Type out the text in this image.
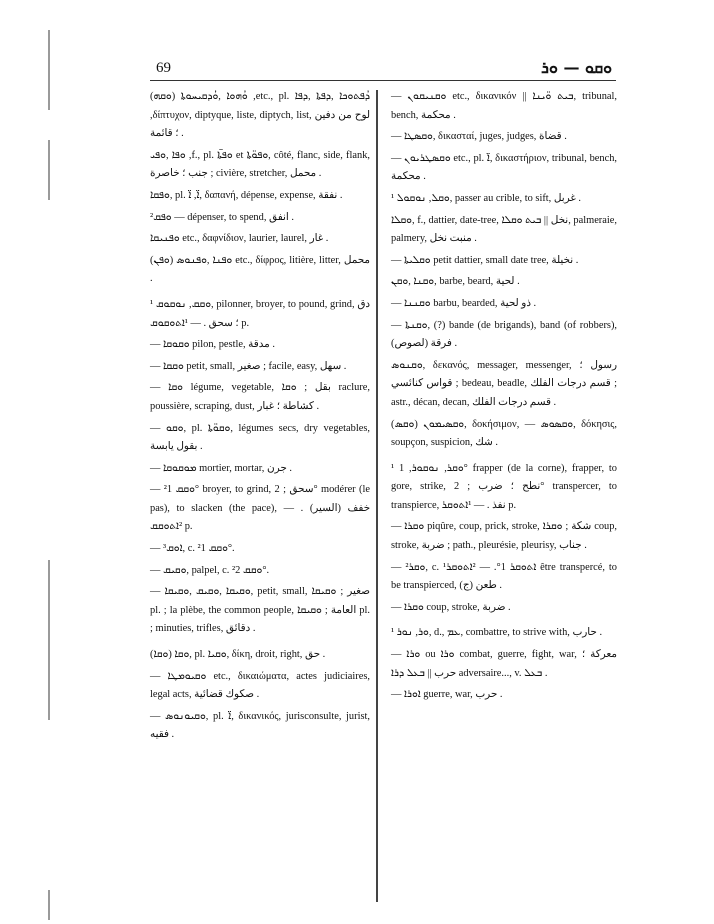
69	ܘܩܘ — ܘܪ

(ܘܩܗ) ܘܳܗܘܐ ,ܘܳܕܩܝܚܘܬܐ ,etc., pl. ܕܳܦܬܘܟܐ ,ܕܦܬܐ ,ܕܦܐ ,δίπτυχον, diptyque, liste, diptych, list, لوح من دفين ؛ قائمة .

ܘܦܐ ,ܘܦܝ ,f., pl. ܘܦܬ̈ܐ et ܘܦܘ̈ܬܐ, côté, flanc, side, flank, جنب ؛ خاصرة ; civière, stretcher, محمل .

ܘܦܩܐ, pl. ܐ̈, ܐ̈, δαπανή, dépense, expense, نفقة .

ܘܦܩ² — dépenser, to spend, انفق .

ܘܦܢܝܩܐ etc., δαφνίδιον, laurier, laurel, غار .

(ܘܦܢ) ܘܦܢܐ ,ܘܦܢܘܣ etc., δίφρος, litière, litter, محمل .

¹ ܘܩܩ, ܢܘܩܘܩ, pilonner, broyer, to pound, grind, دق ؛ سحق . — ¹ܐܬܘܩܘܩ p.

— ܘܩܘܩܐ pilon, pestle, مدقة .

— ܘܩܩܐ petit, small, صغير ; facile, easy, سهل .

— ܘܩܐ légume, vegetable, بقل ; ܘܩܐ raclure, poussière, scraping, dust, كشاطة ؛ غبار .

— ܘܩܘ, pl. ܘܩܘ̈ܬܐ, légumes secs, dry vegetables, بقول يابسة .

— ܡܘܩܘܩܐ mortier, mortar, جرن .

— ²ܘܩܩ 1° broyer, to grind, سحق ; 2° modérer (le pas), to slacken (the pace), خفف (السير) . — ²ܐܬܘܩܩ p.

— ³ܐܘܩ, c. ²ܘܩܩ 1°.

— ܘܩܝܩ, palpel, c. ²ܘܩܩ 2°.

— ܘܩܝܩܐ ,ܘܩܝܩ ,ܘܩܝܩܐ, petit, small, صغير ; ܘܩܝܩܐ pl. ; la plèbe, the common people, العامة ; ܘܩܝܩܐ pl. ; minuties, trifles, دقائق .

(ܘܩܐ) ܘܩܐ, pl. ܘܩܝܐ, δίκη, droit, right, حق .

— ܘܩܝܘܡܛܐ etc., δικαιώματα, actes judiciaires, legal acts, صكوك قضائية .

— ܘܩܝܘܢܘܣ, pl. ܐ̈, δικανικός, jurisconsulte, jurist, فقيه .

— ܘܩܢܝܩܘܢ etc., δικανικόν || ܒܝܬ ܘ̈ܝܢܐ, tribunal, bench, محكمة .

— ܘܩܣܛܐ, δικασταί, juges, judges, قضاة .

— ܘܩܣܛܪܝܘܢ etc., pl. ܐ̈, δικαστήριον, tribunal, bench, محكمة .

¹ ܘܩܠ, ܢܘܩܘܠ, passer au crible, to sift, غربل .

ܘܩܠܐ, f., dattier, date-tree, نخل || ܒܝܬ ܘܩܠܐ, palmeraie, palmery, منبت نخل .

— ܘܩܠܝܬܐ petit dattier, small date tree, نخيلة .

ܘܩܢܐ ,ܘܩܢ, barbe, beard, لحية .

— ܘܩܢܢܐ barbu, bearded, ذو لحية .

— ܘܩܢܬܐ, (?) bande (de brigands), band (of robbers), فرقة (لصوص) .

ܘܩܢܘܣ, δεκανός, messager, messenger, رسول ؛ قواس كنائسي ; bedeau, beadle, قسم درجات الفلك ; astr., décan, decan, قسم درجات الفلك .

(ܘܩܣ) ܘܩܣܝܡܘܢ, δοκήσιμον, — ܘܩܣܘܣ, δόκησις, soupçon, suspicion, شك .

¹ ܘܩܪ, ܢܘܩܘܪ, 1° frapper (de la corne), frapper, to gore, strike, نطح ؛ ضرب ; 2° transpercer, to transpierce, نفذ . — ¹ܐܬܘܩܪ p.

— ܘܩܪܐ piqûre, coup, prick, stroke, شكة ; ܘܩܪܐ coup, stroke, ضربة ; path., pleurésie, pleurisy, جناب .

— ²ܘܩܪ, c. ¹ܐܬܘܩܪ 1°. — ²ܐܬܘܩܪ être transpercé, to be transpierced, طعن (ج) .

— ܘܩܪܐ coup, stroke, ضربة .

¹ ܘܪ, ܢܘܪ, d., ܥܡ, combattre, to strive with, حارب .

— ܘܪܐ ou ܘܪܐ combat, guerre, fight, war, معركة ؛ حرب || ܒܥܠ ܕܪܐ adversaire..., v. ܒܥܠ .

— ܐܘܪܐ guerre, war, حرب .
